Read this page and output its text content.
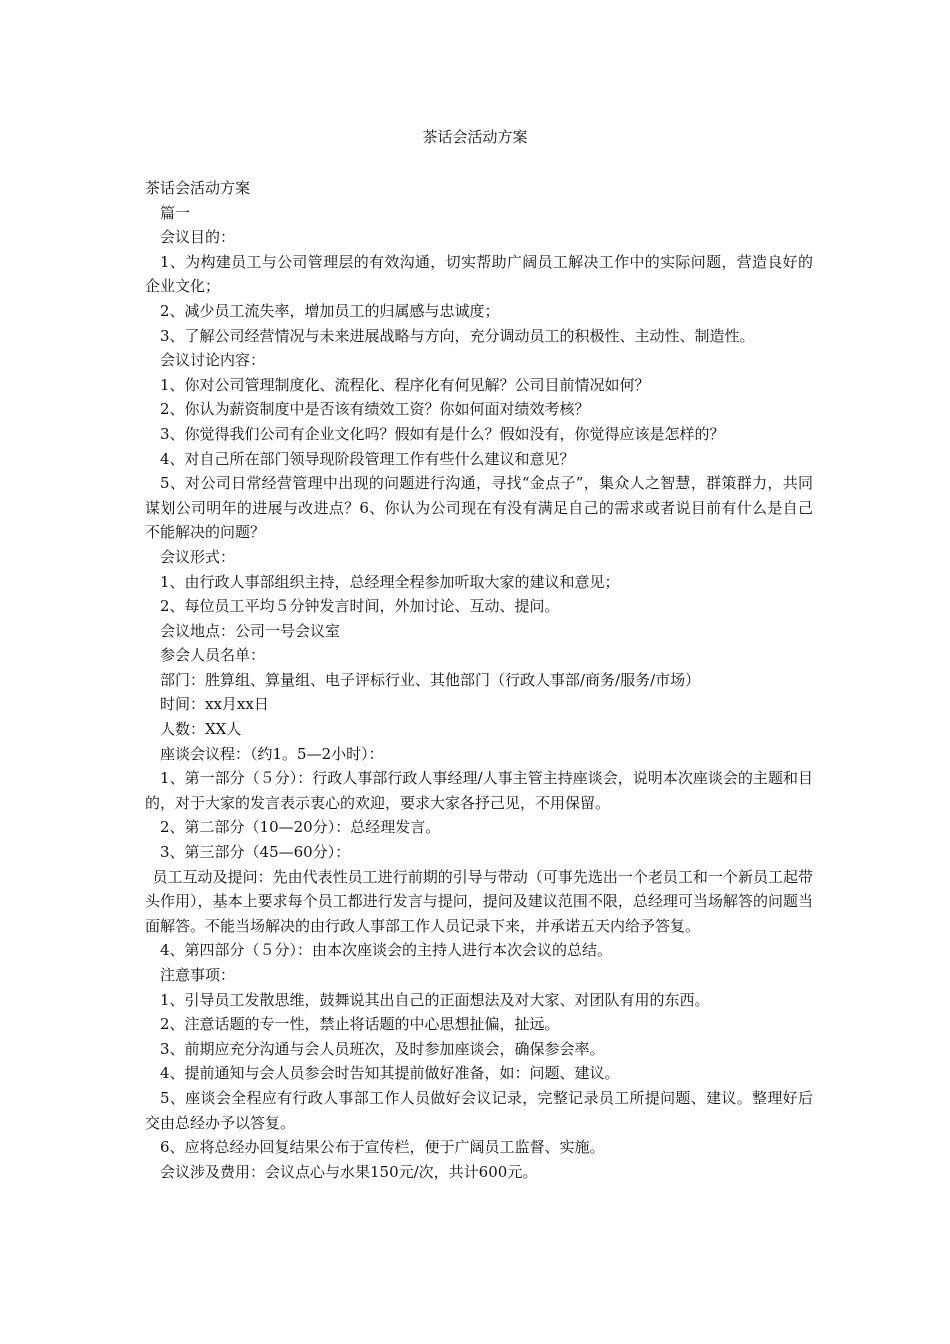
茶话会活动方案

茶话会活动方案

篇一

会议目的：

1、为构建员工与公司管理层的有效沟通，切实帮助广阔员工解决工作中的实际问题，营造良好的企业文化；

2、减少员工流失率，增加员工的归属感与忠诚度；

3、了解公司经营情况与未来进展战略与方向，充分调动员工的积极性、主动性、制造性。

会议讨论内容：

1、你对公司管理制度化、流程化、程序化有何见解？公司目前情况如何？

2、你认为薪资制度中是否该有绩效工资？你如何面对绩效考核？

3、你觉得我们公司有企业文化吗？假如有是什么？假如没有，你觉得应该是怎样的？

4、对自己所在部门领导现阶段管理工作有些什么建议和意见？

5、对公司日常经营管理中出现的问题进行沟通，寻找“金点子”，集众人之智慧，群策群力，共同谋划公司明年的进展与改进点？6、你认为公司现在有没有满足自己的需求或者说目前有什么是自己不能解决的问题？

会议形式：

1、由行政人事部组织主持，总经理全程参加听取大家的建议和意见；

2、每位员工平均５分钟发言时间，外加讨论、互动、提问。

会议地点：公司一号会议室

参会人员名单：

部门：胜算组、算量组、电子评标行业、其他部门（行政人事部/商务/服务/市场）

时间：xx月xx日

人数：XX人

座谈会议程：（约1。5—2小时）：

1、第一部分（５分）：行政人事部行政人事经理/人事主管主持座谈会，说明本次座谈会的主题和目的，对于大家的发言表示衷心的欢迎，要求大家各抒己见，不用保留。

2、第二部分（10—20分）：总经理发言。

3、第三部分（45—60分）：

员工互动及提问：先由代表性员工进行前期的引导与带动（可事先选出一个老员工和一个新员工起带头作用），基本上要求每个员工都进行发言与提问，提问及建议范围不限，总经理可当场解答的问题当面解答。不能当场解决的由行政人事部工作人员记录下来，并承诺五天内给予答复。

4、第四部分（５分）：由本次座谈会的主持人进行本次会议的总结。

注意事项：

1、引导员工发散思维，鼓舞说其出自己的正面想法及对大家、对团队有用的东西。

2、注意话题的专一性，禁止将话题的中心思想扯偏，扯远。

3、前期应充分沟通与会人员班次，及时参加座谈会，确保参会率。

4、提前通知与会人员参会时告知其提前做好准备，如：问题、建议。

5、座谈会全程应有行政人事部工作人员做好会议记录，完整记录员工所提问题、建议。整理好后交由总经办予以答复。

6、应将总经办回复结果公布于宣传栏，便于广阔员工监督、实施。

会议涉及费用：会议点心与水果150元/次，共计600元。
